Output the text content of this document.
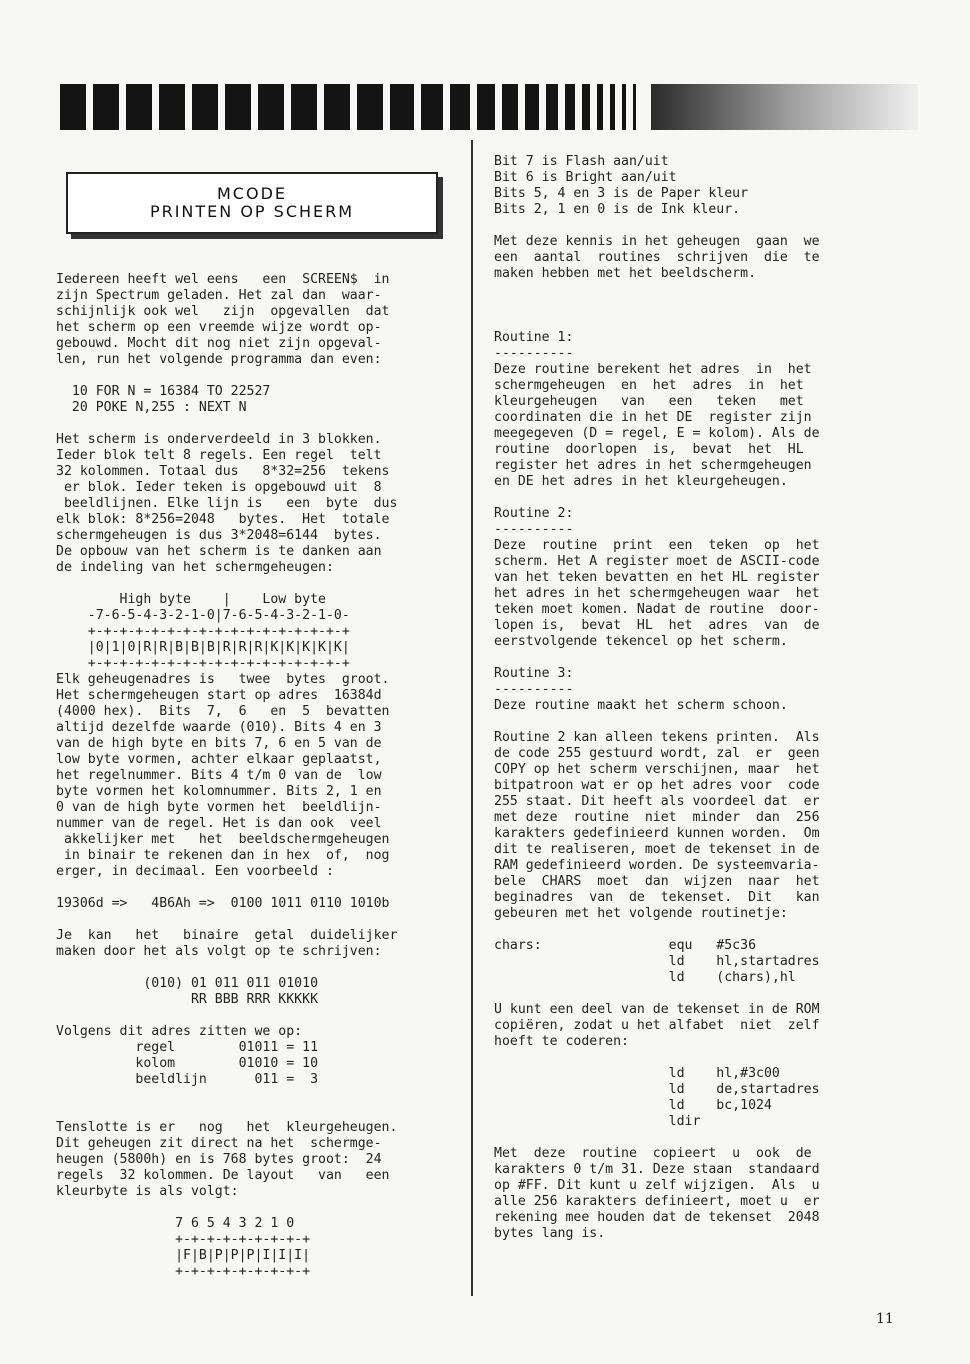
MCODE
PRINTEN OP SCHERM
Iedereen heeft wel eens   een  SCREEN$  in
zijn Spectrum geladen. Het zal dan  waar-
schijnlijk ook wel   zijn  opgevallen  dat
het scherm op een vreemde wijze wordt op-
gebouwd. Mocht dit nog niet zijn opgeval-
len, run het volgende programma dan even:
10 FOR N = 16384 TO 22527
20 POKE N,255 : NEXT N
Het scherm is onderverdeeld in 3 blokken.
Ieder blok telt 8 regels. Een regel  telt
32 kolommen. Totaal dus   8*32=256  tekens
er blok. Ieder teken is opgebouwd uit  8
beeldlijnen. Elke lijn is   een  byte  dus
elk blok: 8*256=2048   bytes.  Het  totale
schermgeheugen is dus 3*2048=6144  bytes.
De opbouw van het scherm is te danken aan
de indeling van het schermgeheugen:
High byte    |    Low byte
-7-6-5-4-3-2-1-0|7-6-5-4-3-2-1-0-
+-+-+-+-+-+-+-+-+-+-+-+-+-+-+-+-+
|0|1|0|R|R|B|B|B|R|R|R|K|K|K|K|K|
+-+-+-+-+-+-+-+-+-+-+-+-+-+-+-+-+
Elk geheugenadres is   twee  bytes  groot.
Het schermgeheugen start op adres  16384d
(4000 hex).  Bits  7,  6   en  5  bevatten
altijd dezelfde waarde (010). Bits 4 en 3
van de high byte en bits 7, 6 en 5 van de
low byte vormen, achter elkaar geplaatst,
het regelnummer. Bits 4 t/m 0 van de  low
byte vormen het kolomnummer. Bits 2, 1 en
0 van de high byte vormen het  beeldlijn-
nummer van de regel. Het is dan ook  veel
akkelijker met   het  beeldschermgeheugen
in binair te rekenen dan in hex  of,  nog
erger, in decimaal. Een voorbeeld :
19306d =>   4B6Ah =>  0100 1011 0110 1010b
Je  kan   het   binaire  getal  duidelijker
maken door het als volgt op te schrijven:
(010) 01 011 011 01010
RR BBB RRR KKKKK
Volgens dit adres zitten we op:
regel        01011 = 11
kolom        01010 = 10
beeldlijn      011 =  3
Tenslotte is er   nog   het  kleurgeheugen.
Dit geheugen zit direct na het  schermge-
heugen (5800h) en is 768 bytes groot:  24
regels  32 kolommen. De layout   van   een
kleurbyte is als volgt:
7 6 5 4 3 2 1 0
+-+-+-+-+-+-+-+-+
|F|B|P|P|P|I|I|I|
+-+-+-+-+-+-+-+-+
Bit 7 is Flash aan/uit
Bit 6 is Bright aan/uit
Bits 5, 4 en 3 is de Paper kleur
Bits 2, 1 en 0 is de Ink kleur.
Met deze kennis in het geheugen  gaan  we
een  aantal  routines  schrijven  die  te
maken hebben met het beeldscherm.
Routine 1:
----------
Deze routine berekent het adres  in  het
schermgeheugen  en  het  adres  in  het
kleurgeheugen   van   een   teken   met
coordinaten die in het DE  register zijn
meegegeven (D = regel, E = kolom). Als de
routine  doorlopen  is,  bevat  het  HL
register het adres in het schermgeheugen
en DE het adres in het kleurgeheugen.
Routine 2:
----------
Deze  routine  print  een  teken  op  het
scherm. Het A register moet de ASCII-code
van het teken bevatten en het HL register
het adres in het schermgeheugen waar  het
teken moet komen. Nadat de routine  door-
lopen is,  bevat  HL  het  adres  van  de
eerstvolgende tekencel op het scherm.
Routine 3:
----------
Deze routine maakt het scherm schoon.
Routine 2 kan alleen tekens printen.  Als
de code 255 gestuurd wordt, zal  er  geen
COPY op het scherm verschijnen, maar  het
bitpatroon wat er op het adres voor  code
255 staat. Dit heeft als voordeel dat  er
met deze  routine  niet  minder  dan  256
karakters gedefinieerd kunnen worden.  Om
dit te realiseren, moet de tekenset in de
RAM gedefinieerd worden. De systeemvaria-
bele  CHARS  moet  dan  wijzen  naar  het
beginadres  van  de  tekenset.  Dit   kan
gebeuren met het volgende routinetje:
chars:                equ   #5c36
ld    hl,startadres
ld    (chars),hl
U kunt een deel van de tekenset in de ROM
copiëren, zodat u het alfabet  niet  zelf
hoeft te coderen:
ld    hl,#3c00
ld    de,startadres
ld    bc,1024
ldir
Met  deze  routine  copieert  u  ook  de
karakters 0 t/m 31. Deze staan  standaard
op #FF. Dit kunt u zelf wijzigen.  Als  u
alle 256 karakters definieert, moet u  er
rekening mee houden dat de tekenset  2048
bytes lang is.
11
